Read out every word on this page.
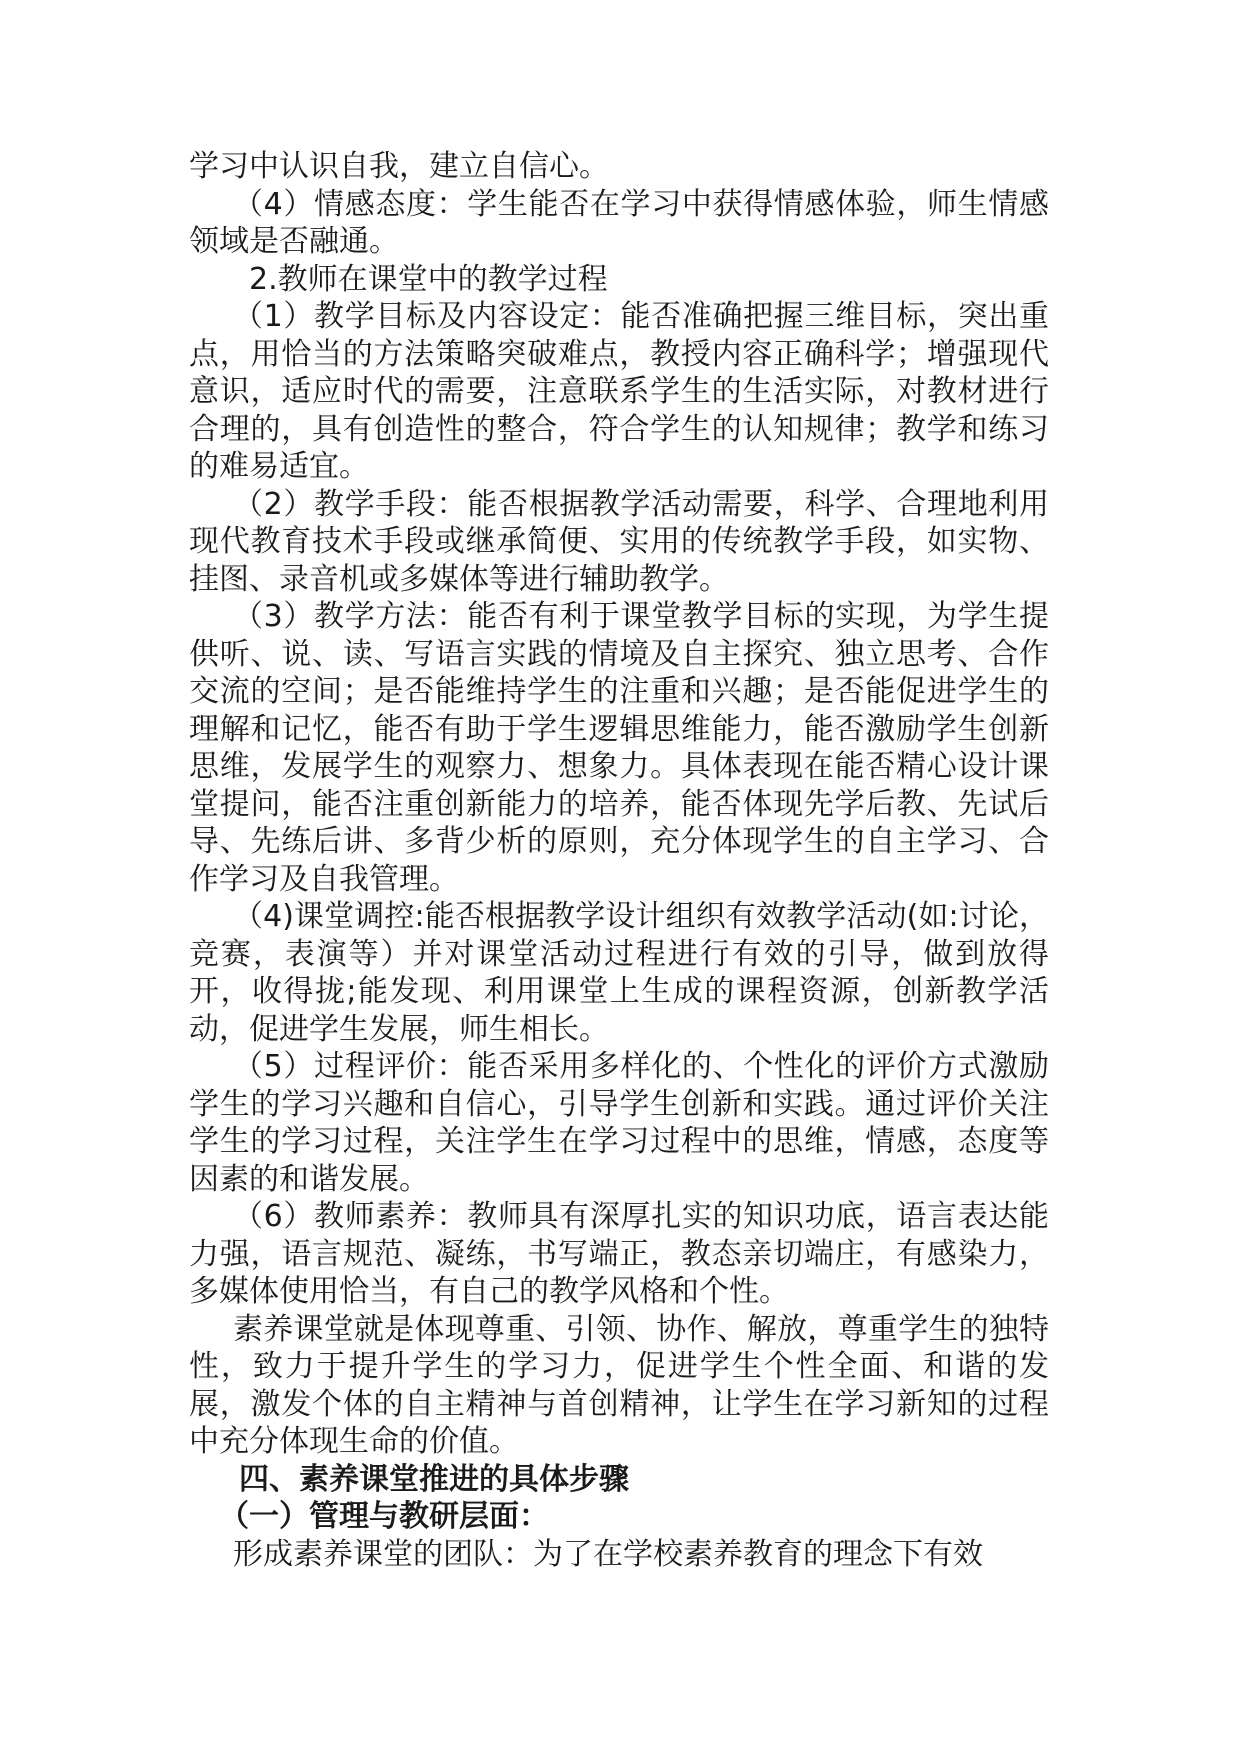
学习中认识自我，建立自信心。

（4）情感态度：学生能否在学习中获得情感体验，师生情感领域是否融通。

2.教师在课堂中的教学过程

（1）教学目标及内容设定：能否准确把握三维目标，突出重点，用恰当的方法策略突破难点，教授内容正确科学；增强现代意识，适应时代的需要，注意联系学生的生活实际，对教材进行合理的，具有创造性的整合，符合学生的认知规律；教学和练习的难易适宜。

（2）教学手段：能否根据教学活动需要，科学、合理地利用现代教育技术手段或继承简便、实用的传统教学手段，如实物、挂图、录音机或多媒体等进行辅助教学。

（3）教学方法：能否有利于课堂教学目标的实现，为学生提供听、说、读、写语言实践的情境及自主探究、独立思考、合作交流的空间；是否能维持学生的注重和兴趣；是否能促进学生的理解和记忆，能否有助于学生逻辑思维能力，能否激励学生创新思维，发展学生的观察力、想象力。具体表现在能否精心设计课堂提问，能否注重创新能力的培养，能否体现先学后教、先试后导、先练后讲、多背少析的原则，充分体现学生的自主学习、合作学习及自我管理。

（4)课堂调控:能否根据教学设计组织有效教学活动(如:讨论，竞赛，表演等）并对课堂活动过程进行有效的引导，做到放得开，收得拢;能发现、利用课堂上生成的课程资源，创新教学活动，促进学生发展，师生相长。

（5）过程评价：能否采用多样化的、个性化的评价方式激励学生的学习兴趣和自信心，引导学生创新和实践。通过评价关注学生的学习过程，关注学生在学习过程中的思维，情感，态度等因素的和谐发展。

（6）教师素养：教师具有深厚扎实的知识功底，语言表达能力强，语言规范、凝练，书写端正，教态亲切端庄，有感染力，多媒体使用恰当，有自己的教学风格和个性。

素养课堂就是体现尊重、引领、协作、解放，尊重学生的独特性，致力于提升学生的学习力，促进学生个性全面、和谐的发展，激发个体的自主精神与首创精神，让学生在学习新知的过程中充分体现生命的价值。

四、素养课堂推进的具体步骤

（一）管理与教研层面：

形成素养课堂的团队：为了在学校素养教育的理念下有效
